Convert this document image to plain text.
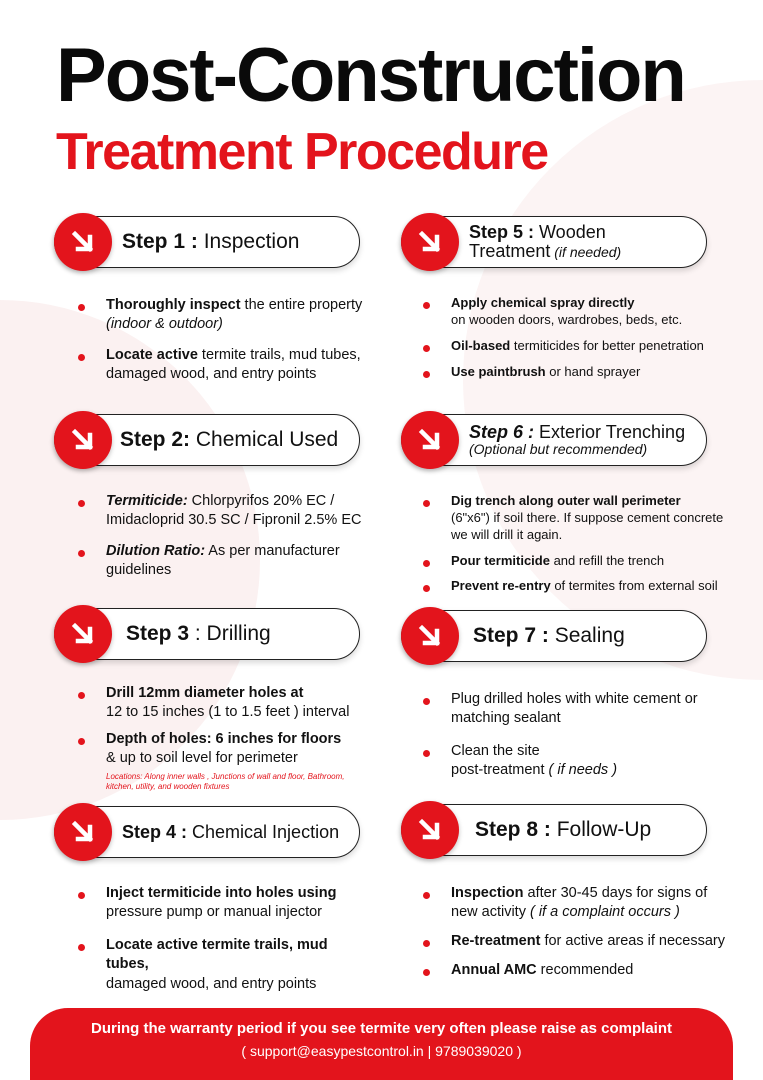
Post-Construction
Treatment Procedure
Step 1 : Inspection
Thoroughly inspect the entire property
(indoor & outdoor)
Locate active termite trails, mud tubes, damaged wood, and entry points
Step 2: Chemical Used
Termiticide: Chlorpyrifos 20% EC / Imidacloprid 30.5 SC / Fipronil 2.5% EC
Dilution Ratio: As per manufacturer guidelines
Step 3 : Drilling
Drill 12mm diameter holes at
12 to 15 inches (1 to 1.5 feet ) interval
Depth of holes: 6 inches for floors
& up to soil level for perimeter
Locations: Along inner walls , Junctions of wall and floor, Bathroom, kitchen, utility, and wooden fixtures
Step 4 : Chemical Injection
Inject termiticide into holes using
pressure pump or manual injector
Locate active termite trails, mud tubes,
damaged wood, and entry points
Step 5 : Wooden
Treatment (if needed)
Apply chemical spray directly
on wooden doors, wardrobes, beds, etc.
Oil-based termiticides for better penetration
Use paintbrush or hand sprayer
Step 6 : Exterior Trenching
(Optional but recommended)
Dig trench along outer wall perimeter
(6"x6") if soil there. If suppose cement concrete we will drill it again.
Pour termiticide and refill the trench
Prevent re-entry of termites from external soil
Step 7 : Sealing
Plug drilled holes with white cement or matching sealant
Clean the site
post-treatment ( if needs )
Step 8 : Follow-Up
Inspection after 30-45 days for signs of new activity ( if a complaint occurs )
Re-treatment for active areas if necessary
Annual AMC recommended
During the warranty period if you see termite very often please raise as complaint
( support@easypestcontrol.in | 9789039020 )
